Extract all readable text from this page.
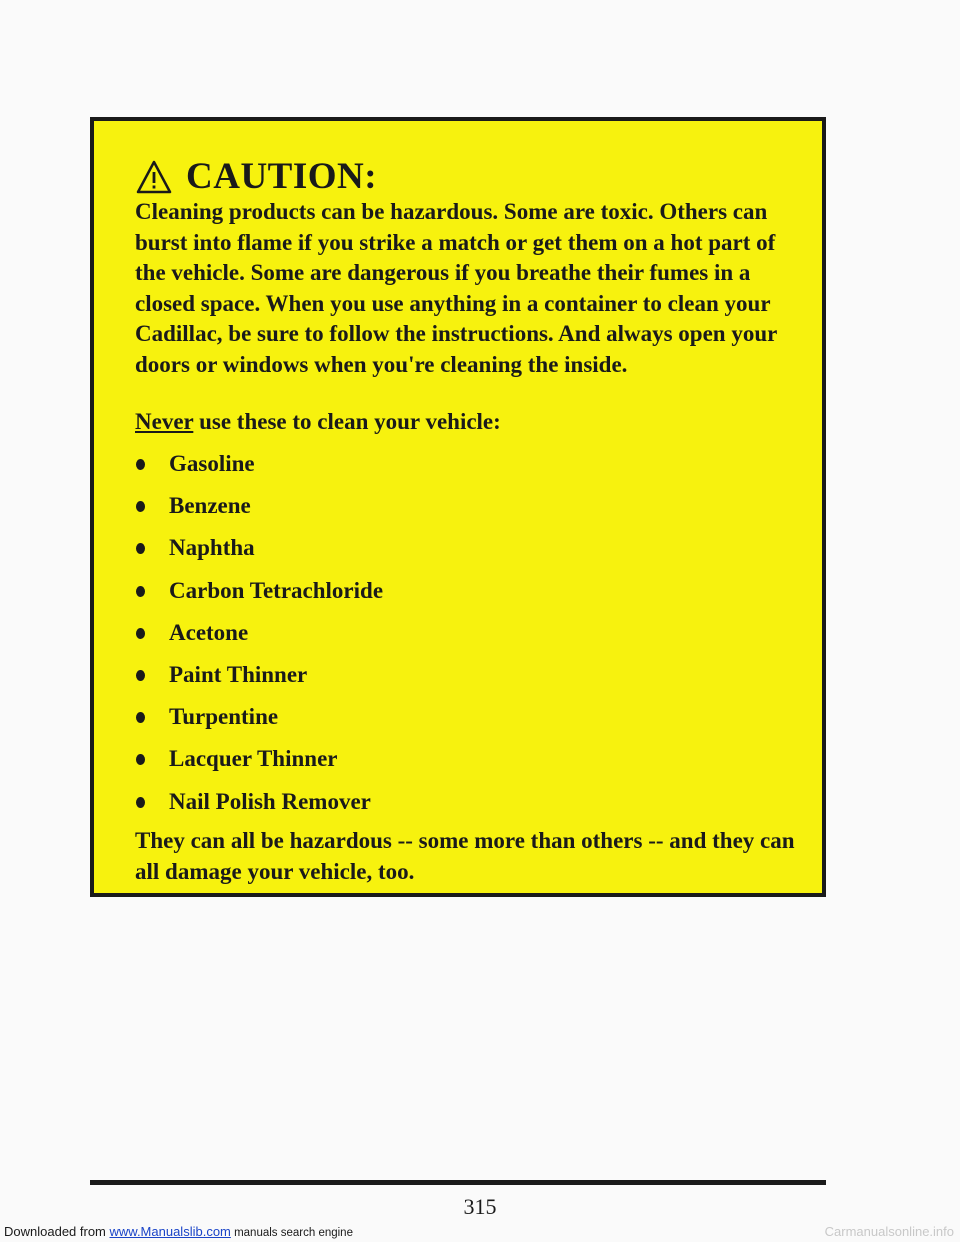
CAUTION:

Cleaning products can be hazardous. Some are toxic. Others can burst into flame if you strike a match or get them on a hot part of the vehicle. Some are dangerous if you breathe their fumes in a closed space. When you use anything in a container to clean your Cadillac, be sure to follow the instructions. And always open your doors or windows when you're cleaning the inside.

Never use these to clean your vehicle:
Gasoline
Benzene
Naphtha
Carbon Tetrachloride
Acetone
Paint Thinner
Turpentine
Lacquer Thinner
Nail Polish Remover

They can all be hazardous -- some more than others -- and they can all damage your vehicle, too.

315
Downloaded from www.Manualslib.com manuals search engine	Carmanualsonline.info
